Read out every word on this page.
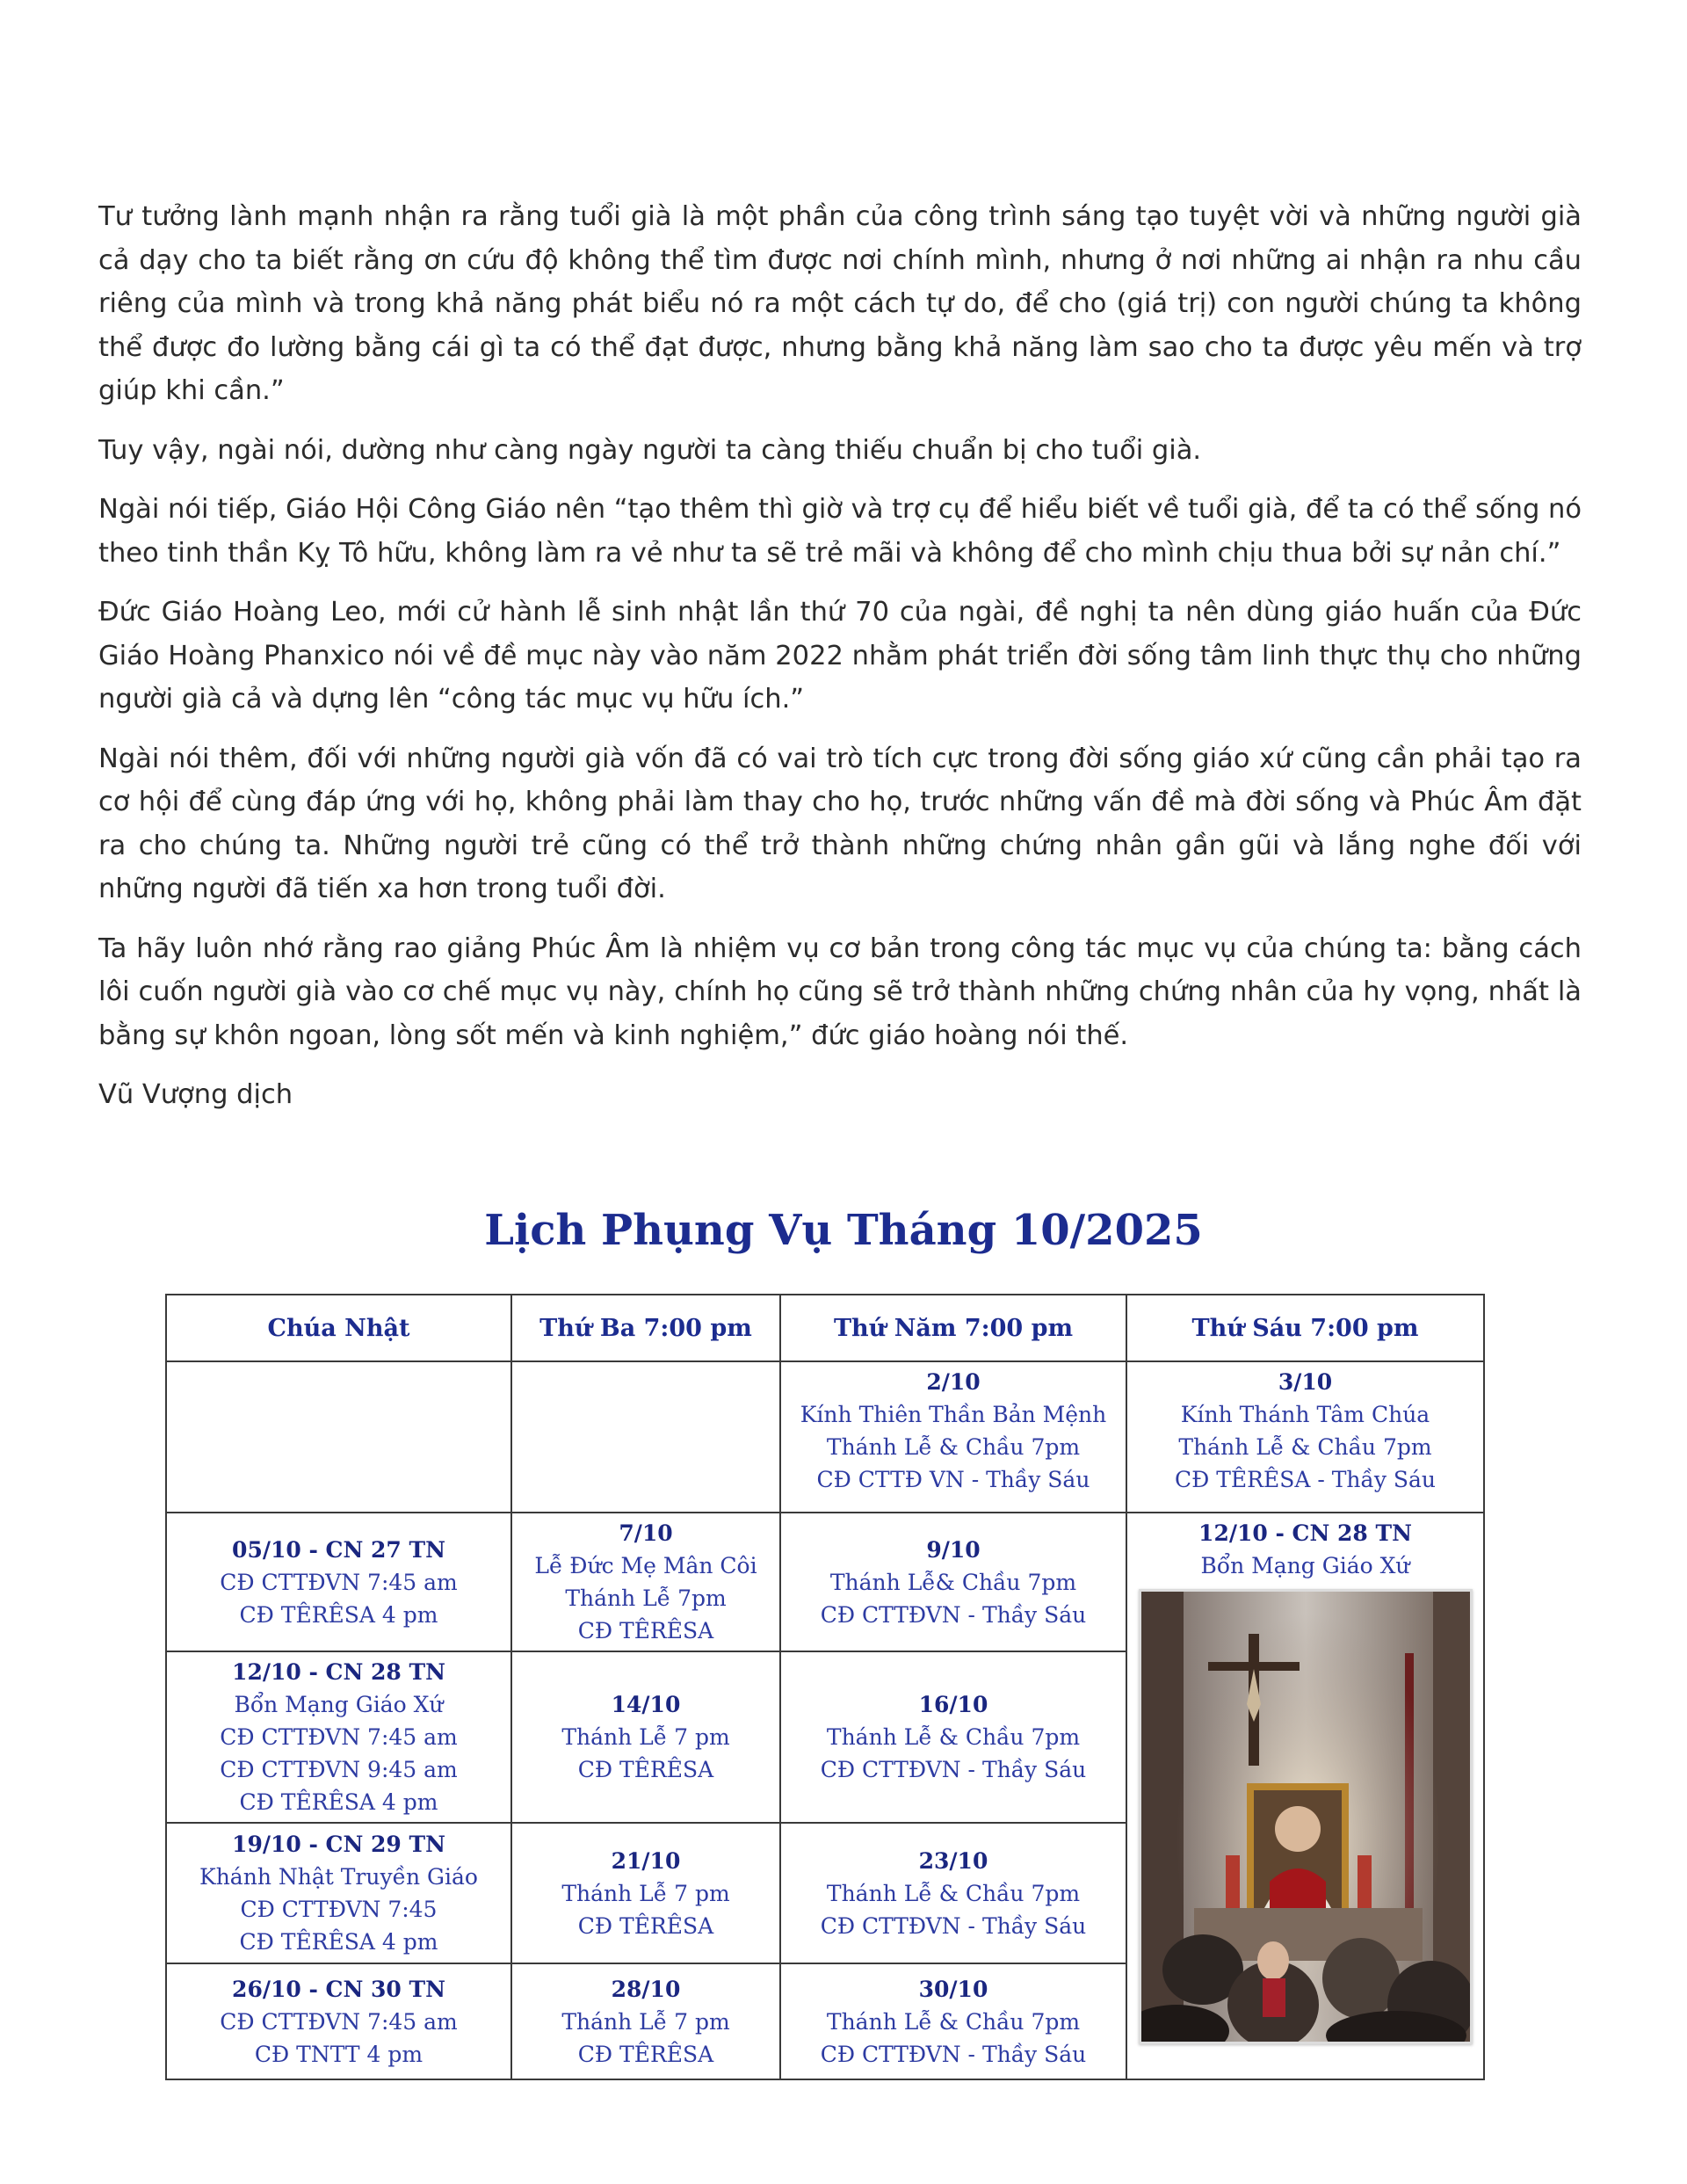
Tư tưởng lành mạnh nhận ra rằng tuổi già là một phần của công trình sáng tạo tuyệt vời và những người già cả dạy cho ta biết rằng ơn cứu độ không thể tìm được nơi chính mình, nhưng ở nơi những ai nhận ra nhu cầu riêng của mình và trong khả năng phát biểu nó ra một cách tự do, để cho (giá trị) con người chúng ta không thể được đo lường bằng cái gì ta có thể đạt được, nhưng bằng khả năng làm sao cho ta được yêu mến và trợ giúp khi cần.”

Tuy vậy, ngài nói, dường như càng ngày người ta càng thiếu chuẩn bị cho tuổi già.

Ngài nói tiếp, Giáo Hội Công Giáo nên “tạo thêm thì giờ và trợ cụ để hiểu biết về tuổi già, để ta có thể sống nó theo tinh thần Kỵ Tô hữu, không làm ra vẻ như ta sẽ trẻ mãi và không để cho mình chịu thua bởi sự nản chí.”

Đức Giáo Hoàng Leo, mới cử hành lễ sinh nhật lần thứ 70 của ngài, đề nghị ta nên dùng giáo huấn của Đức Giáo Hoàng Phanxico nói về đề mục này vào năm 2022 nhằm phát triển đời sống tâm linh thực thụ cho những người già cả và dựng lên “công tác mục vụ hữu ích.”

Ngài nói thêm, đối với những người già vốn đã có vai trò tích cực trong đời sống giáo xứ cũng cần phải tạo ra cơ hội để cùng đáp ứng với họ, không phải làm thay cho họ, trước những vấn đề mà đời sống và Phúc Âm đặt ra cho chúng ta. Những người trẻ cũng có thể trở thành những chứng nhân gần gũi và lắng nghe đối với những người đã tiến xa hơn trong tuổi đời.

Ta hãy luôn nhớ rằng rao giảng Phúc Âm là nhiệm vụ cơ bản trong công tác mục vụ của chúng ta: bằng cách lôi cuốn người già vào cơ chế mục vụ này, chính họ cũng sẽ trở thành những chứng nhân của hy vọng, nhất là bằng sự khôn ngoan, lòng sốt mến và kinh nghiệm,” đức giáo hoàng nói thế.

Vũ Vượng dịch

Lịch Phụng Vụ Tháng 10/2025
Chúa Nhật	Thứ Ba 7:00 pm	Thứ Năm 7:00 pm	Thứ Sáu 7:00 pm

		2/10
Kính Thiên Thần Bản Mệnh
Thánh Lễ & Chầu 7pm
CĐ CTTĐ VN - Thầy Sáu	3/10
Kính Thánh Tâm Chúa
Thánh Lễ & Chầu 7pm
CĐ TÊRÊSA - Thầy Sáu

05/10 - CN 27 TN
CĐ CTTĐVN 7:45 am
CĐ TÊRÊSA 4 pm	7/10
Lễ Đức Mẹ Mân Côi
Thánh Lễ 7pm
CĐ TÊRÊSA	9/10
Thánh Lễ& Chầu 7pm
CĐ CTTĐVN - Thầy Sáu	12/10 - CN 28 TN
Bổn Mạng Giáo Xứ

12/10 - CN 28 TN
Bổn Mạng Giáo Xứ
CĐ CTTĐVN 7:45 am
CĐ CTTĐVN 9:45 am
CĐ TÊRÊSA 4 pm	14/10
Thánh Lễ 7 pm
CĐ TÊRÊSA	16/10
Thánh Lễ & Chầu 7pm
CĐ CTTĐVN - Thầy Sáu	

19/10 - CN 29 TN
Khánh Nhật Truyền Giáo
CĐ CTTĐVN 7:45
CĐ TÊRÊSA 4 pm	21/10
Thánh Lễ 7 pm
CĐ TÊRÊSA	23/10
Thánh Lễ & Chầu 7pm
CĐ CTTĐVN - Thầy Sáu	

26/10 - CN 30 TN
CĐ CTTĐVN 7:45 am
CĐ TNTT 4 pm	28/10
Thánh Lễ 7 pm
CĐ TÊRÊSA	30/10
Thánh Lễ & Chầu 7pm
CĐ CTTĐVN - Thầy Sáu	
